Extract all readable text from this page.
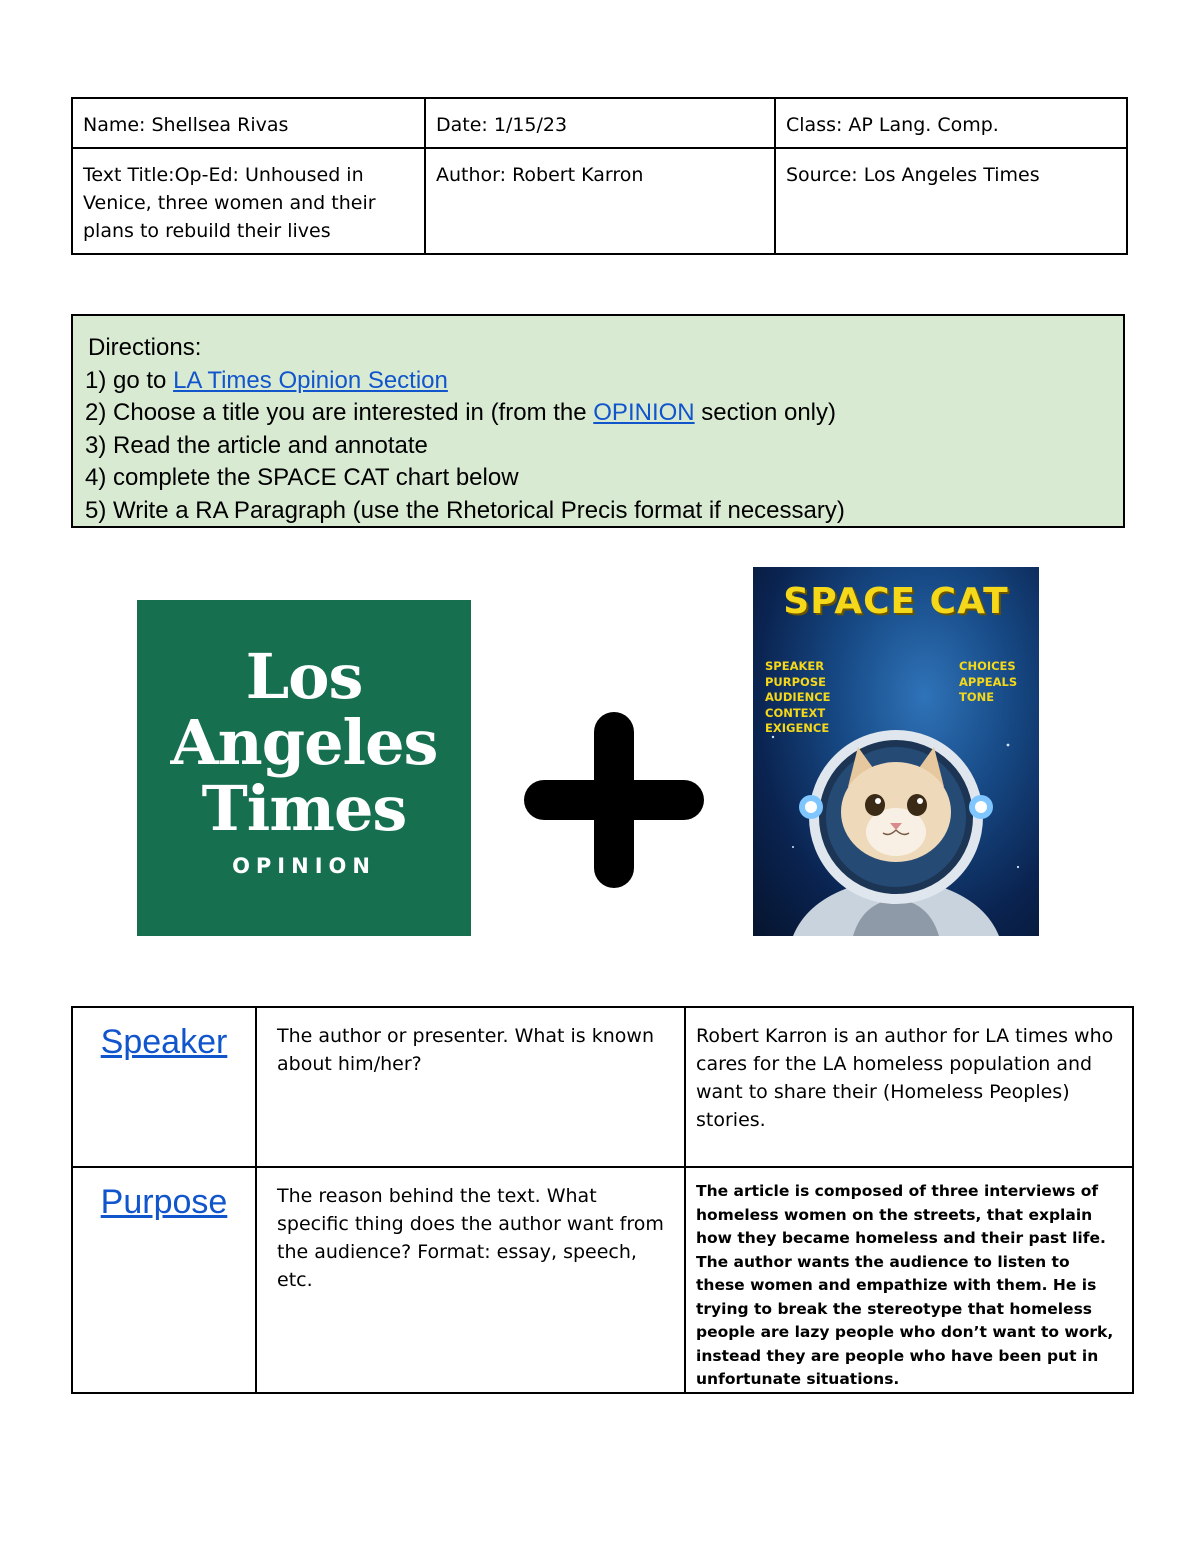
Name: Shellsea Rivas	Date: 1/15/23	Class: AP Lang. Comp.
Text Title:Op-Ed: Unhoused in Venice, three women and their plans to rebuild their lives	Author: Robert Karron	Source: Los Angeles Times
Directions:
1) go to LA Times Opinion Section
2) Choose a title you are interested in (from the OPINION section only)
3) Read the article and annotate
4) complete the SPACE CAT chart below
5) Write a RA Paragraph (use the Rhetorical Precis format if necessary)
Los
Angeles
Times
OPINION
SPACE CAT
SPEAKER
PURPOSE
AUDIENCE
CONTEXT
EXIGENCE
CHOICES
APPEALS
TONE
Speaker	The author or presenter. What is known about him/her?	Robert Karron is an author for LA times who cares for the LA homeless population and want to share their (Homeless Peoples) stories.
Purpose	The reason behind the text. What specific thing does the author want from the audience? Format: essay, speech, etc.	The article is composed of three interviews of homeless women on the streets, that explain how they became homeless and their past life. The author wants the audience to listen to these women and empathize with them. He is trying to break the stereotype that homeless people are lazy people who don’t want to work, instead they are people who have been put in unfortunate situations.
